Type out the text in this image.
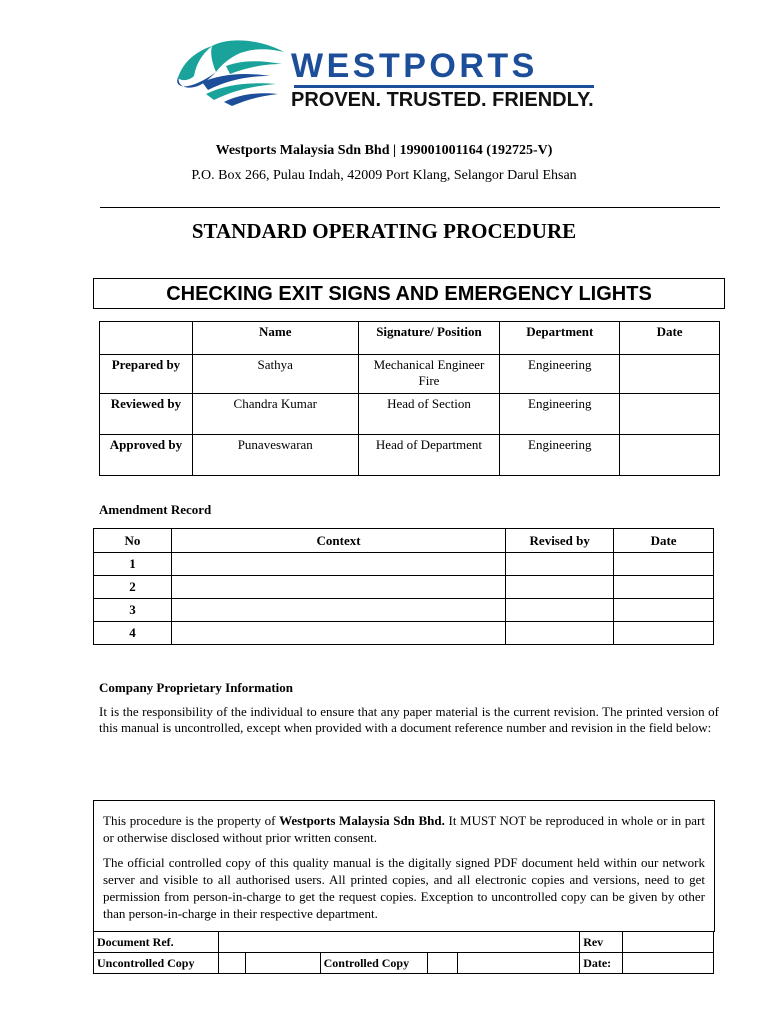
WESTPORTS
PROVEN. TRUSTED. FRIENDLY.
Westports Malaysia Sdn Bhd | 199001001164 (192725-V)
P.O. Box 266, Pulau Indah, 42009 Port Klang, Selangor Darul Ehsan
STANDARD OPERATING PROCEDURE
CHECKING EXIT SIGNS AND EMERGENCY LIGHTS
	Name	Signature/ Position	Department	Date
Prepared by	Sathya	Mechanical Engineer Fire	Engineering	
Reviewed by	Chandra Kumar	Head of Section	Engineering	
Approved by	Punaveswaran	Head of Department	Engineering	
Amendment Record
No	Context	Revised by	Date
1			
2			
3			
4			
Company Proprietary Information
It is the responsibility of the individual to ensure that any paper material is the current revision. The printed version of this manual is uncontrolled, except when provided with a document reference number and revision in the field below:

This procedure is the property of Westports Malaysia Sdn Bhd. It MUST NOT be reproduced in whole or in part or otherwise disclosed without prior written consent.

The official controlled copy of this quality manual is the digitally signed PDF document held within our network server and visible to all authorised users. All printed copies, and all electronic copies and versions, need to get permission from person-in-charge to get the request copies. Exception to uncontrolled copy can be given by other than person-in-charge in their respective department.

Document Ref.						Rev	
Uncontrolled Copy			Controlled Copy			Date:	
